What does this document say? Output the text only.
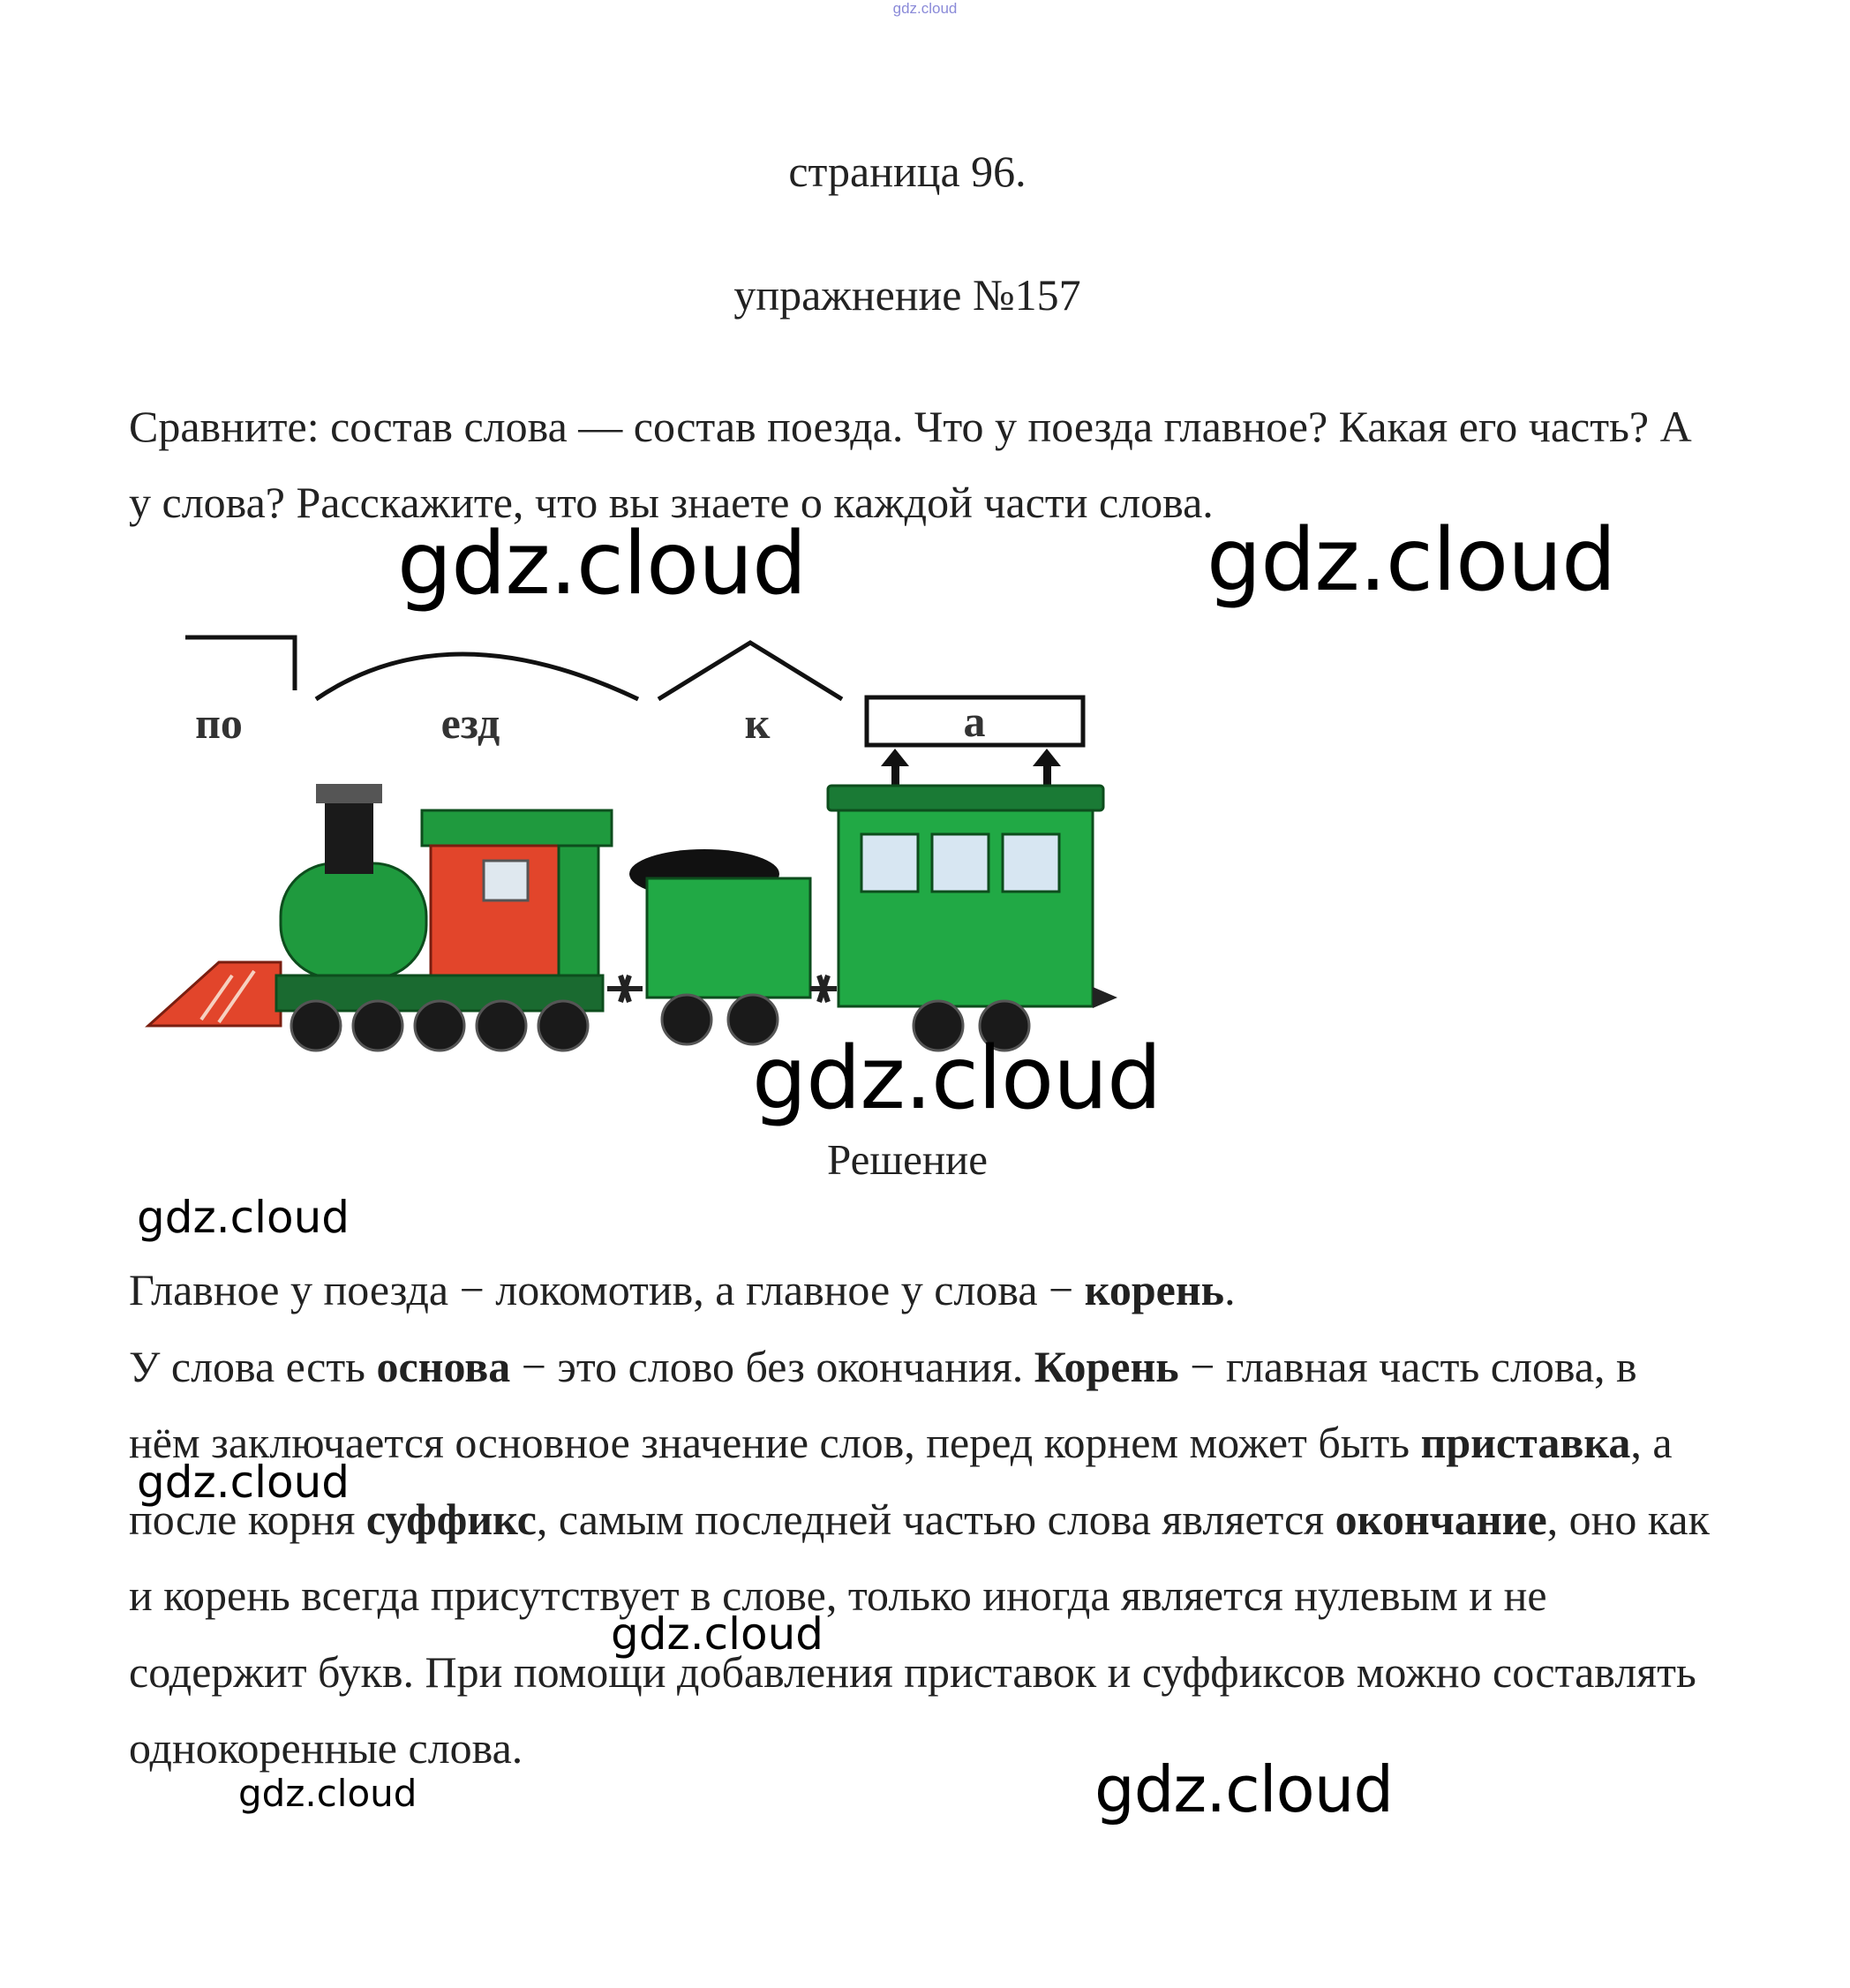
gdz.cloud
страница 96.
упражнение №157
Сравните: состав слова — состав поезда. Что у поезда главное? Какая его часть? А у слова? Расскажите, что вы знаете о каждой части слова.
по	езд	к	а
Решение
Главное у поезда − локомотив, а главное у слова − корень.
У слова есть основа − это слово без окончания. Корень − главная часть слова, в нём заключается основное значение слов, перед корнем может быть приставка, а после корня суффикс, самым последней частью слова является окончание, оно как и корень всегда присутствует в слове, только иногда является нулевым и не содержит букв. При помощи добавления приставок и суффиксов можно составлять однокоренные слова.
gdz.cloud	gdz.cloud
gdz.cloud
gdz.cloud
gdz.cloud
gdz.cloud
gdz.cloud	gdz.cloud
